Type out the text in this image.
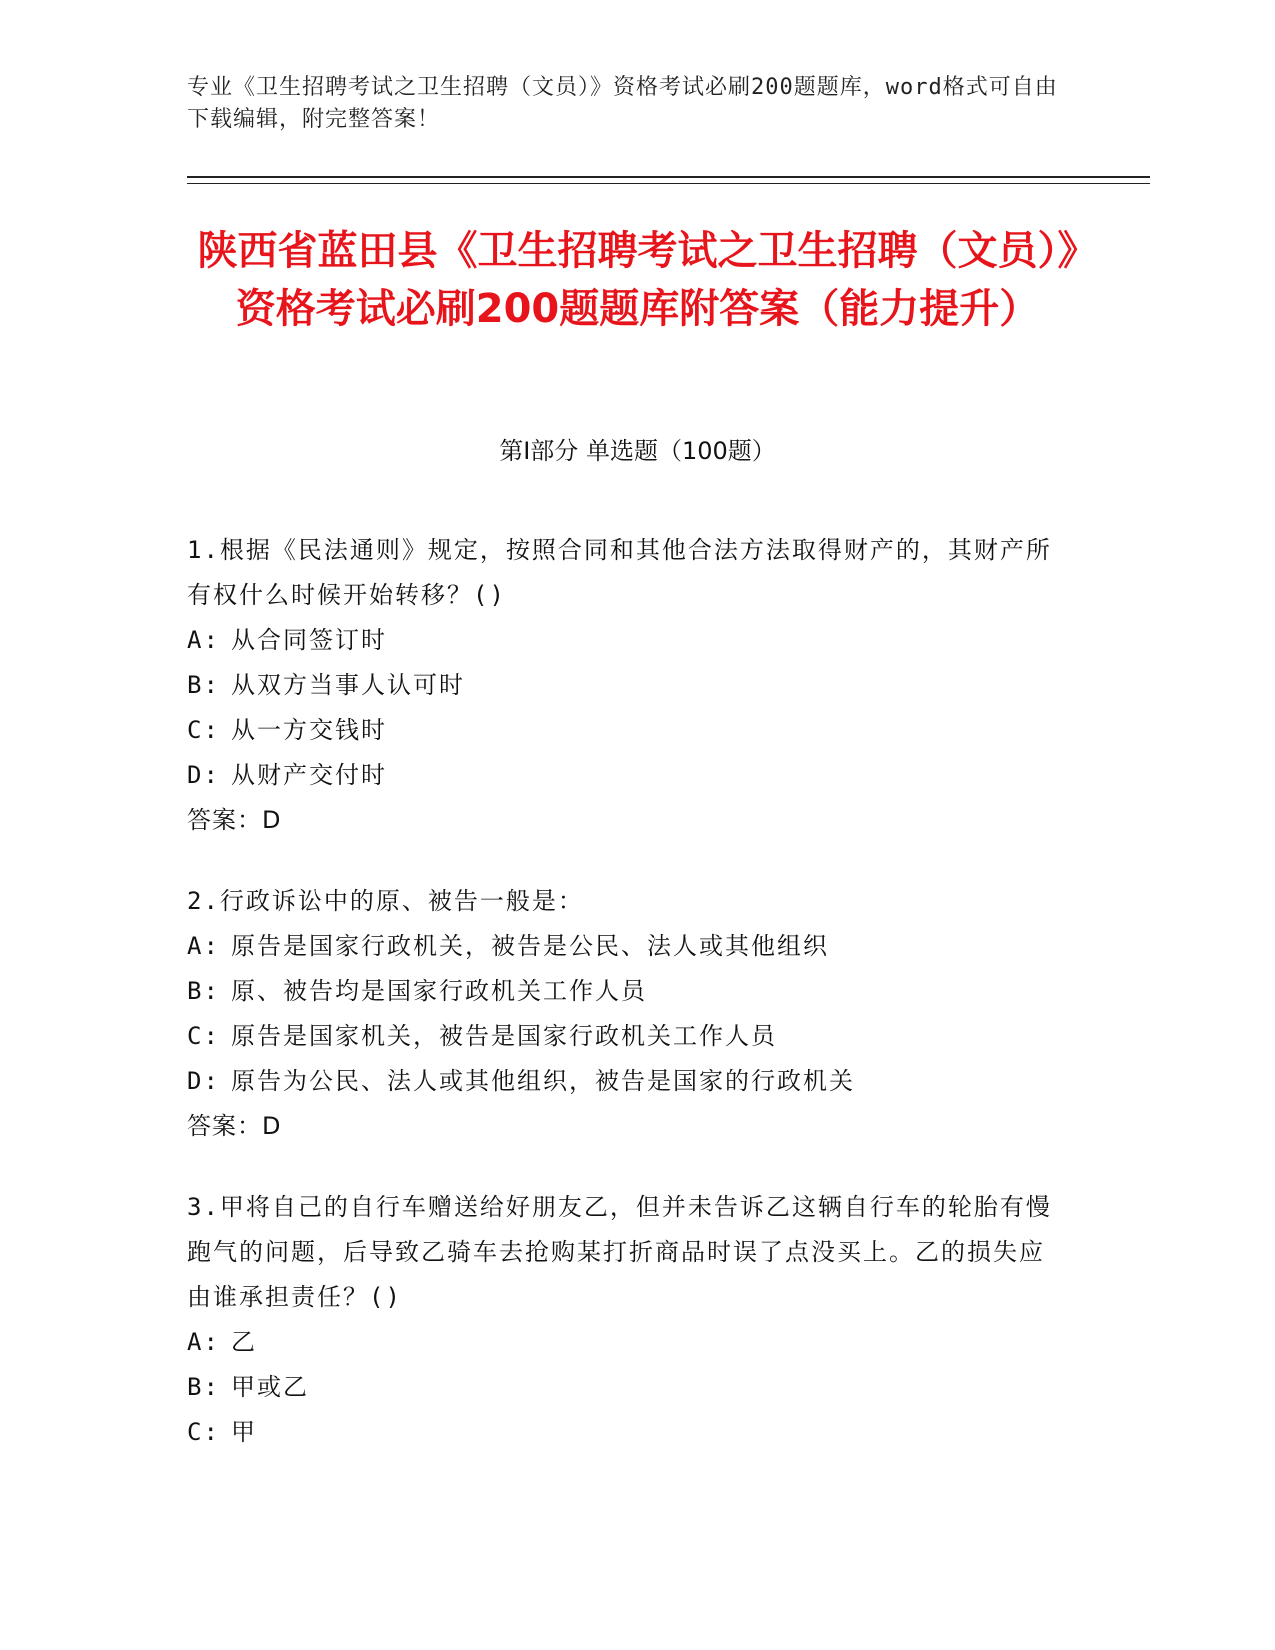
专业《卫生招聘考试之卫生招聘（文员）》资格考试必刷200题题库，word格式可自由下载编辑，附完整答案！
陕西省蓝田县《卫生招聘考试之卫生招聘（文员）》资格考试必刷200题题库附答案（能力提升）
第I部分 单选题（100题）
1.根据《民法通则》规定，按照合同和其他合法方法取得财产的，其财产所有权什么时候开始转移？()
A: 从合同签订时
B: 从双方当事人认可时
C: 从一方交钱时
D: 从财产交付时
答案：D
2.行政诉讼中的原、被告一般是：
A: 原告是国家行政机关，被告是公民、法人或其他组织
B: 原、被告均是国家行政机关工作人员
C: 原告是国家机关，被告是国家行政机关工作人员
D: 原告为公民、法人或其他组织，被告是国家的行政机关
答案：D
3.甲将自己的自行车赠送给好朋友乙，但并未告诉乙这辆自行车的轮胎有慢跑气的问题，后导致乙骑车去抢购某打折商品时误了点没买上。乙的损失应由谁承担责任？()
A: 乙
B: 甲或乙
C: 甲
